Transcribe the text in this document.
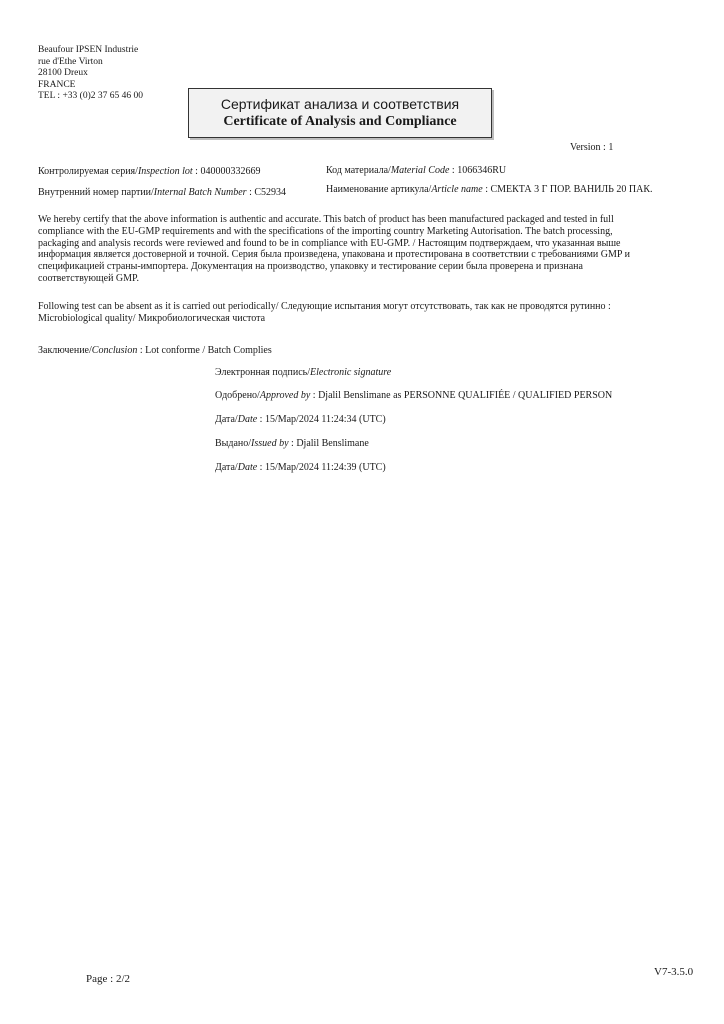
Beaufour IPSEN Industrie
rue d'Ethe Virton
28100 Dreux
FRANCE
TEL : +33 (0)2 37 65 46 00	Сертификат анализа и соответствия
Certificate of Analysis and Compliance
Version : 1
Контролируемая серия/Inspection lot : 040000332669	Код материала/Material Code : 1066346RU
Внутренний номер партии/Internal Batch Number : C52934	Наименование артикула/Article name : СМЕКТА 3 Г ПОР. ВАНИЛЬ 20 ПАК.
We hereby certify that the above information is authentic and accurate. This batch of product has been manufactured packaged and tested in full
compliance with the EU-GMP requirements and with the specifications of the importing country Marketing Autorisation. The batch processing,
packaging and analysis records were reviewed and found to be in compliance with EU-GMP. / Настоящим подтверждаем, что указанная выше
информация является достоверной и точной. Серия была произведена, упакована и протестирована в соответствии с требованиями GMP и
спецификацией страны-импортера. Документация на производство, упаковку и тестирование серии была проверена и признана
соответствующей GMP.
Following test can be absent as it is carried out periodically/ Следующие испытания могут отсутствовать, так как не проводятся рутинно :
Microbiological quality/ Микробиологическая чистота
Заключение/Conclusion : Lot conforme / Batch Complies
Электронная подпись/Electronic signature
Одобрено/Approved by : Djalil Benslimane as PERSONNE QUALIFIÉE / QUALIFIED PERSON
Дата/Date : 15/Мар/2024 11:24:34 (UTC)
Выдано/Issued by : Djalil Benslimane
Дата/Date : 15/Мар/2024 11:24:39 (UTC)
Page : 2/2
V7-3.5.0
